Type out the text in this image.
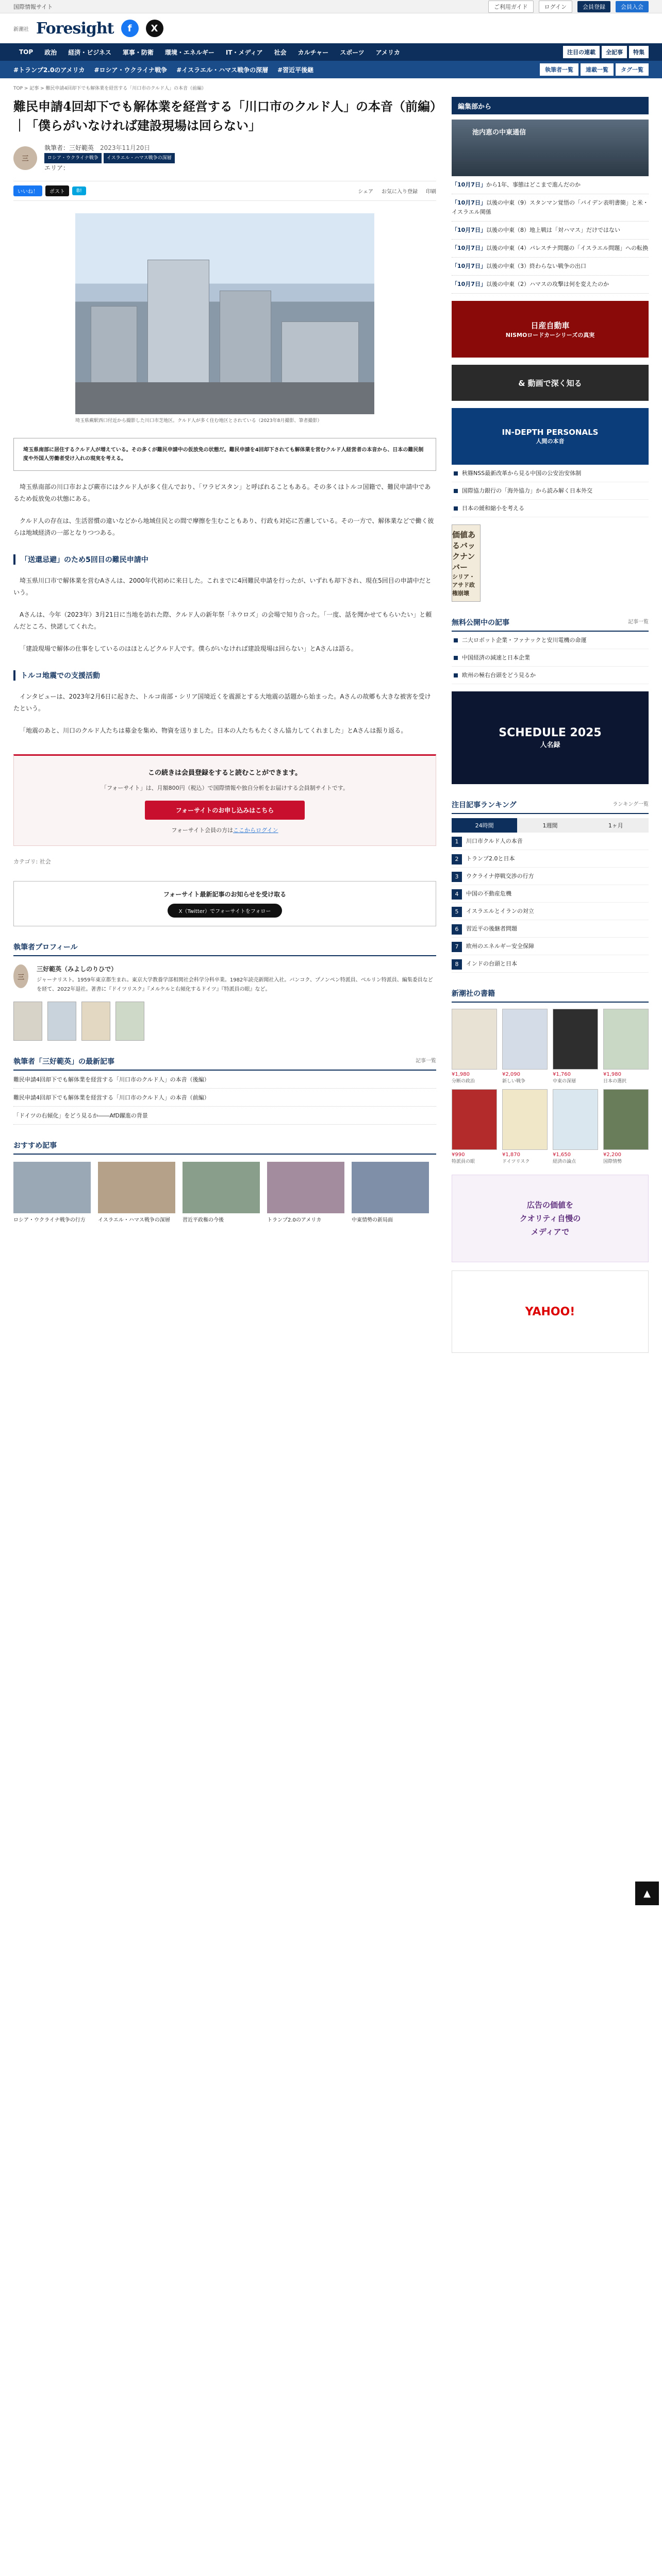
国際情報サイト	ご利用ガイド	ログイン	会員登録	会員入会
新潮社 Foresight	f	X
TOP	政治	経済・ビジネス	軍事・防衛	環境・エネルギー	IT・メディア	社会	カルチャー	スポーツ	アメリカ	注目の連載	全記事	特集
#トランプ2.0のアメリカ #ロシア・ウクライナ戦争 #イスラエル・ハマス戦争の深層 #習近平後継	執筆者一覧	連載一覧	タグ一覧
TOP > 記事 > 難民申請4回却下でも解体業を経営する「川口市のクルド人」の本音（前編）
難民申請4回却下でも解体業を経営する「川口市のクルド人」の本音（前編）｜「僕らがいなければ建設現場は回らない」
三
執筆者：三好範英 2023年11月20日
ロシア・ウクライナ戦争 イスラエル・ハマス戦争の深層
エリア：
いいね！	ポスト	B!	シェア お気に入り登録 印刷
埼玉県蕨駅西口付近から撮影した川口市芝地区。クルド人が多く住む地区とされている（2023年8月撮影、筆者撮影）
埼玉県南部に居住するクルド人が増えている。その多くが難民申請中の仮放免の状態だ。難民申請を4回却下されても解体業を営むクルド人経営者の本音から、日本の難民制度や外国人労働者受け入れの現実を考える。

埼玉県南部の川口市および蕨市にはクルド人が多く住んでおり、「ワラビスタン」と呼ばれることもある。その多くはトルコ国籍で、難民申請中であるため仮放免の状態にある。

クルド人の存在は、生活習慣の違いなどから地域住民との間で摩擦を生むこともあり、行政も対応に苦慮している。その一方で、解体業などで働く彼らは地域経済の一部となりつつある。

「送還忌避」のため5回目の難民申請中

埼玉県川口市で解体業を営むAさんは、2000年代初めに来日した。これまでに4回難民申請を行ったが、いずれも却下され、現在5回目の申請中だという。

Aさんは、今年（2023年）3月21日に当地を訪れた際、クルド人の新年祭「ネウロズ」の会場で知り合った。「一度、話を聞かせてもらいたい」と頼んだところ、快諾してくれた。

「建設現場で解体の仕事をしているのはほとんどクルド人です。僕らがいなければ建設現場は回らない」とAさんは語る。

トルコ地震での支援活動

インタビューは、2023年2月6日に起きた、トルコ南部・シリア国境近くを震源とする大地震の話題から始まった。Aさんの故郷も大きな被害を受けたという。

「地震のあと、川口のクルド人たちは募金を集め、物資を送りました。日本の人たちもたくさん協力してくれました」とAさんは振り返る。

この続きは会員登録をすると読むことができます。

「フォーサイト」は、月額800円（税込）で国際情報や独自分析をお届けする会員制サイトです。

フォーサイトのお申し込みはこちら
フォーサイト会員の方はここからログイン
カテゴリ: 社会
フォーサイト最新記事のお知らせを受け取る
X（Twitter）でフォーサイトをフォロー
執筆者プロフィール
三
三好範英（みよしのりひで）
ジャーナリスト。1959年東京都生まれ。東京大学教養学部相関社会科学分科卒業。1982年読売新聞社入社。バンコク、プノンペン特派員、ベルリン特派員、編集委員などを経て、2022年退社。著書に『ドイツリスク』『メルケルと右傾化するドイツ』『特派員の眼』など。
執筆者「三好範英」の最新記事	記事一覧
難民申請4回却下でも解体業を経営する「川口市のクルド人」の本音（後編）
難民申請4回却下でも解体業を経営する「川口市のクルド人」の本音（前編）
「ドイツの右傾化」をどう見るか――AfD躍進の背景
おすすめ記事
ロシア・ウクライナ戦争の行方	イスラエル・ハマス戦争の深層	習近平政権の今後	トランプ2.0のアメリカ	中東情勢の新局面
編集部から
池内恵の中東通信
「10月7日」から1年、事態はどこまで進んだのか
「10月7日」以後の中東（9）スタンマン覚悟の「パイデン表明書簡」と米・イスラエル関係
「10月7日」以後の中東（8）地上戦は「対ハマス」だけではない
「10月7日」以後の中東（4）パレスチナ問題の「イスラエル問題」への転換
「10月7日」以後の中東（3）終わらない戦争の出口
「10月7日」以後の中東（2）ハマスの攻撃は何を変えたのか
日産自動車
NISMOロードカーシリーズの真実
& 動画で深く知る
IN-DEPTH PERSONALS
人間の本音
秋篠NSS最新改革から見る中国の公安治安体制
国際協力銀行の「海外協力」から読み解く日本外交
日本の緩和縮小を考える
価値あるバックナンバー
シリア・アサド政権崩壊
無料公開中の記事	記事一覧
二大ロボット企業・ファナックと安川電機の命運
中国経済の減速と日本企業
欧州の極右台頭をどう見るか
SCHEDULE 2025
人名録
注目記事ランキング	ランキング一覧
24時間	1週間	1ヶ月
1	川口市クルド人の本音
2	トランプ2.0と日本
3	ウクライナ停戦交渉の行方
4	中国の不動産危機
5	イスラエルとイランの対立
6	習近平の後継者問題
7	欧州のエネルギー安全保障
8	インドの台頭と日本
新潮社の書籍
¥1,980
分断の政治
¥2,090
新しい戦争
¥1,760
中東の深層
¥1,980
日本の選択
¥990
特派員の眼
¥1,870
ドイツリスク
¥1,650
経済の論点
¥2,200
国際情勢
広告の価値を
クオリティ自慢の
メディアで
YAHOO!
▲
